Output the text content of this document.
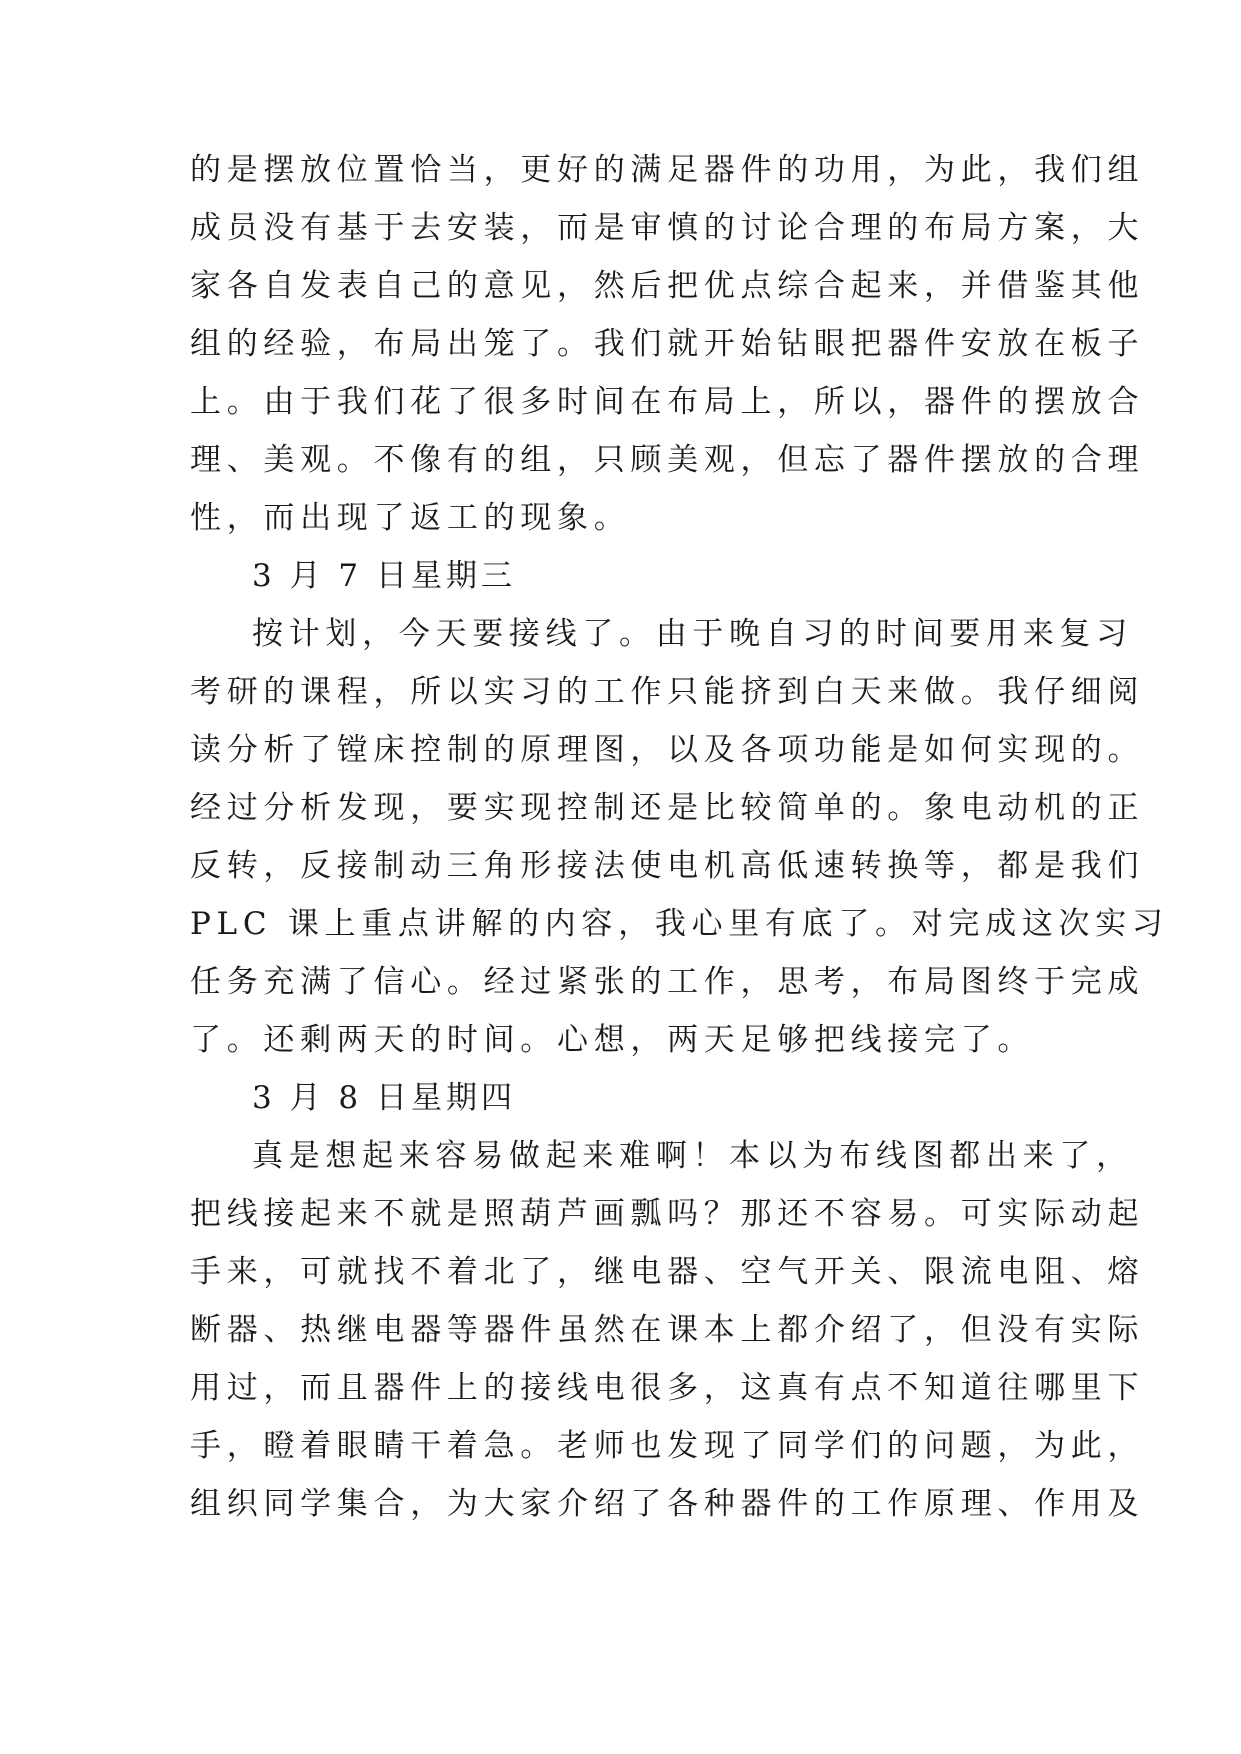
的是摆放位置恰当，更好的满足器件的功用，为此，我们组
成员没有基于去安装，而是审慎的讨论合理的布局方案，大
家各自发表自己的意见，然后把优点综合起来，并借鉴其他
组的经验，布局出笼了。我们就开始钻眼把器件安放在板子
上。由于我们花了很多时间在布局上，所以，器件的摆放合
理、美观。不像有的组，只顾美观，但忘了器件摆放的合理
性，而出现了返工的现象。
3 月 7 日星期三
按计划，今天要接线了。由于晚自习的时间要用来复习
考研的课程，所以实习的工作只能挤到白天来做。我仔细阅
读分析了镗床控制的原理图，以及各项功能是如何实现的。
经过分析发现，要实现控制还是比较简单的。象电动机的正
反转，反接制动三角形接法使电机高低速转换等，都是我们
PLC 课上重点讲解的内容，我心里有底了。对完成这次实习
任务充满了信心。经过紧张的工作，思考，布局图终于完成
了。还剩两天的时间。心想，两天足够把线接完了。
3 月 8 日星期四
真是想起来容易做起来难啊！本以为布线图都出来了，
把线接起来不就是照葫芦画瓢吗？那还不容易。可实际动起
手来，可就找不着北了，继电器、空气开关、限流电阻、熔
断器、热继电器等器件虽然在课本上都介绍了，但没有实际
用过，而且器件上的接线电很多，这真有点不知道往哪里下
手，瞪着眼睛干着急。老师也发现了同学们的问题，为此，
组织同学集合，为大家介绍了各种器件的工作原理、作用及
